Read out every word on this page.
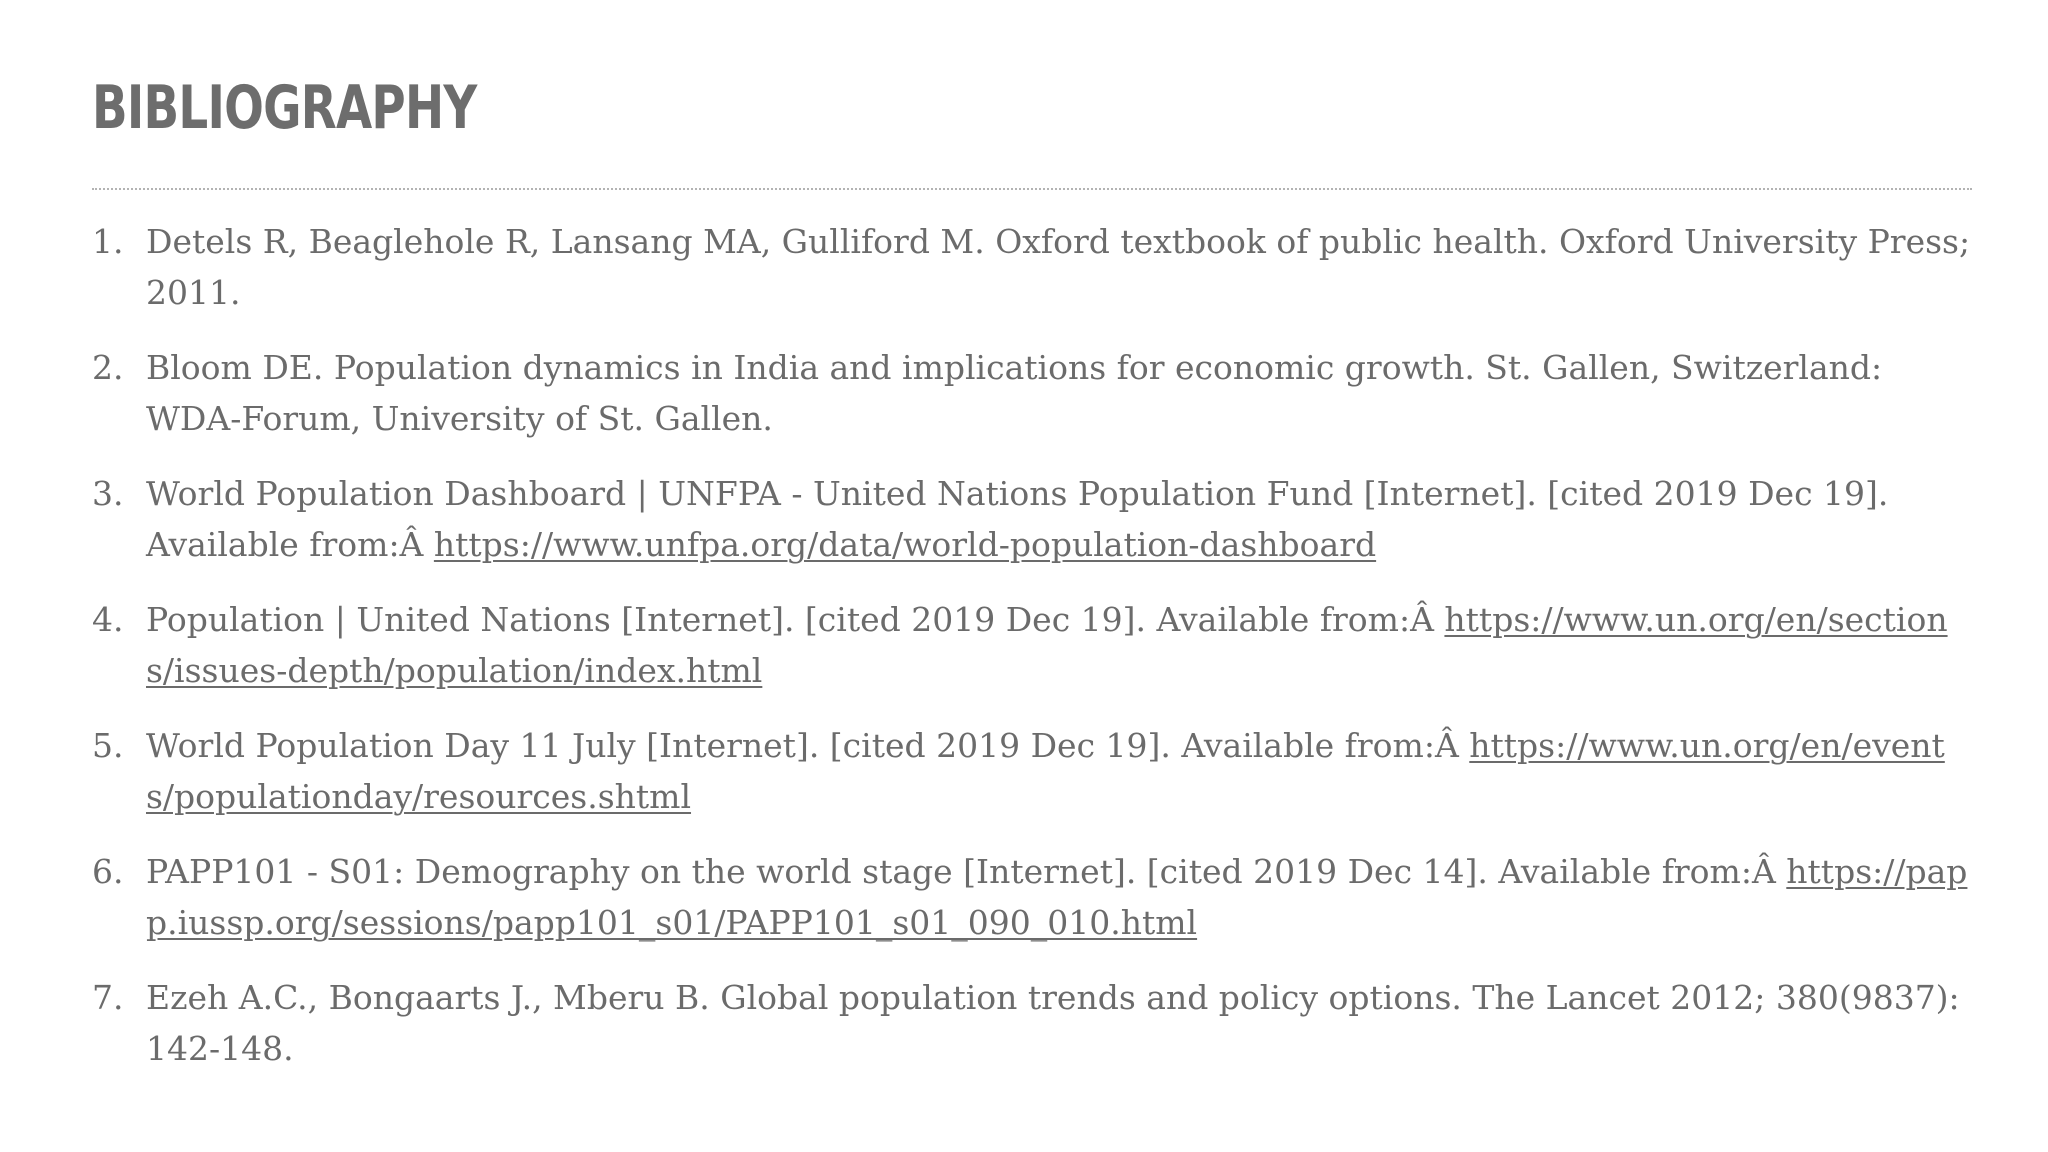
BIBLIOGRAPHY
1. Detels R, Beaglehole R, Lansang MA, Gulliford M. Oxford textbook of public health. Oxford University Press; 2011.
2. Bloom DE. Population dynamics in India and implications for economic growth. St. Gallen, Switzerland: WDA-Forum, University of St. Gallen.
3. World Population Dashboard | UNFPA - United Nations Population Fund [Internet]. [cited 2019 Dec 19]. Available from:Â https://www.unfpa.org/data/world-population-dashboard
4. Population | United Nations [Internet]. [cited 2019 Dec 19]. Available from:Â https://www.un.org/en/sections/issues-depth/population/index.html
5. World Population Day 11 July [Internet]. [cited 2019 Dec 19]. Available from:Â https://www.un.org/en/events/populationday/resources.shtml
6. PAPP101 - S01: Demography on the world stage [Internet]. [cited 2019 Dec 14]. Available from:Â https://papp.iussp.org/sessions/papp101_s01/PAPP101_s01_090_010.html
7. Ezeh A.C., Bongaarts J., Mberu B. Global population trends and policy options. The Lancet 2012; 380(9837): 142-148.
